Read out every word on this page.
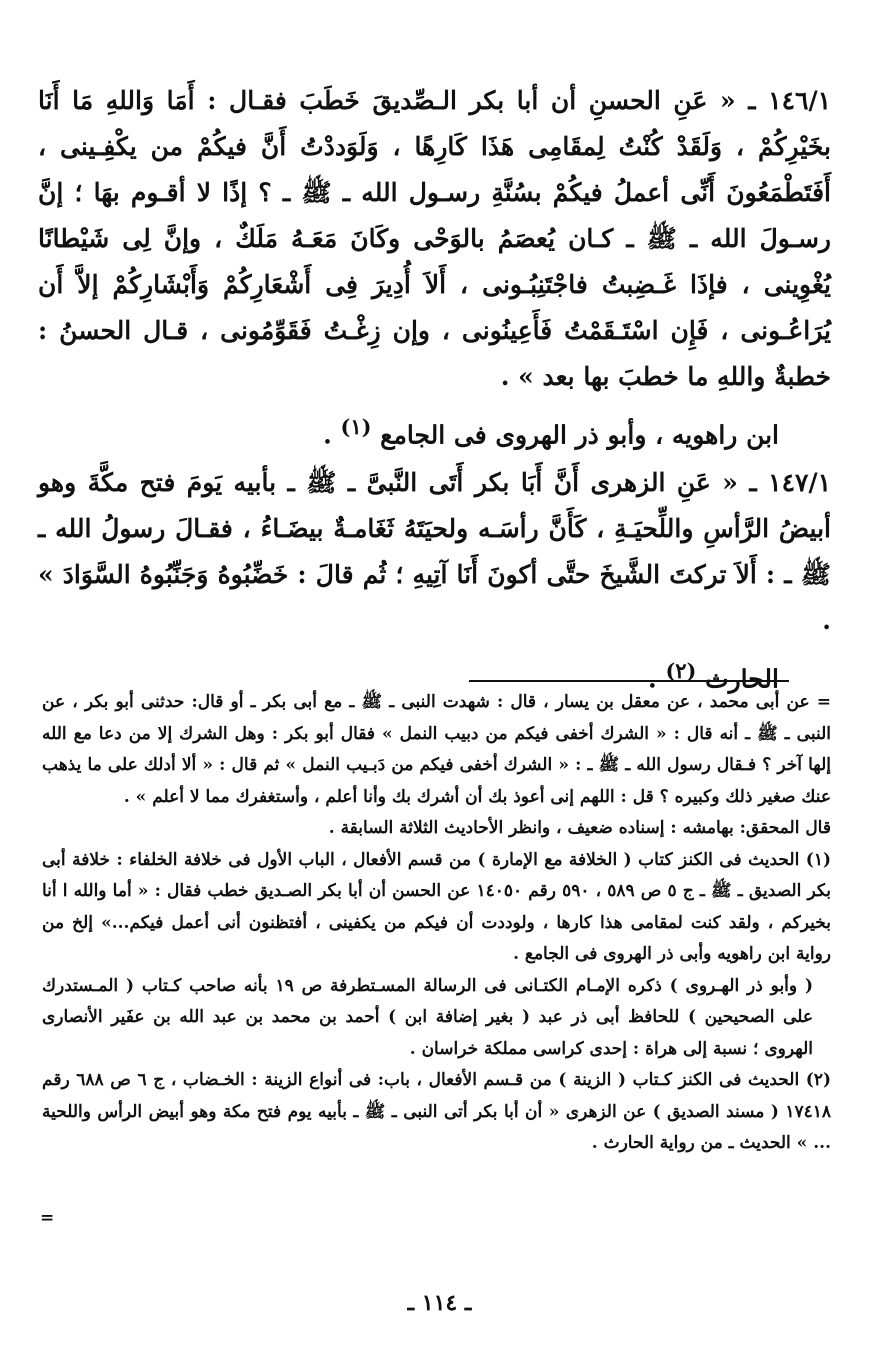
١٤٦/١ ـ « عَنِ الحسنِ أن أبا بكر الـصِّديقَ خَطَبَ فقـال : أَمَا وَاللهِ مَا أَنَا بخَيْرِكُمْ ، وَلَقَدْ كُنْتُ لِمقَامِى هَذَا كَارِهًا ، وَلَوَددْتُ أَنَّ فيكُمْ من يكْفِـينى ، أَفَتَطْمَعُونَ أَنِّى أعملُ فيكُمْ بسُنَّةِ رسـول الله ـ ﷺ ـ ؟ إذًا لا أقـوم بهَا ؛ إنَّ رسـولَ الله ـ ﷺ ـ كـان يُعصَمُ بالوَحْى وكَانَ مَعَـهُ مَلَكٌ ، وإنَّ لِى شَيْطانًا يُغْوِينى ، فإذَا غَـضِبتُ فاجْتَنِبُـونى ، أَلاَ أُدِيرَ فِى أَشْعَارِكُمْ وَأَبْشَارِكُمْ إلاَّ أَن يُرَاعُـونى ، فَإِن اسْتَـقَمْتُ فَأَعِينُونى ، وإن زِغْـتُ فَقَوِّمُونى ، قـال الحسنُ : خطبةٌ واللهِ ما خطبَ بها بعد » .

ابن راهويه ، وأبو ذر الهروى فى الجامع $^{(١)}$ .

١٤٧/١ ـ « عَنِ الزهرى أَنَّ أَبَا بكر أَتَى النَّبىَّ ـ ﷺ ـ بأبيه يَومَ فتح مكَّةَ وهو أبيضُ الرَّأسِ واللِّحيَـةِ ، كَأَنَّ رأسَـه ولحيَتَهُ ثَغَامـةٌ بيضَـاءُ ، فقـالَ رسولُ الله ـ ﷺ ـ : أَلاَ تركتَ الشَّيخَ حتَّى أكونَ أَنَا آتِيهِ ؛ ثُم قالَ : خَضِّبُوهُ وَجَنِّبُوهُ السَّوَادَ » .

الحارث $^{(٢)}$ .

= عن أبى محمد ، عن معقل بن يسار ، قال : شهدت النبى ـ ﷺ ـ مع أبى بكر ـ أو قال: حدثنى أبو بكر ، عن النبى ـ ﷺ ـ أنه قال : « الشرك أخفى فيكم من دبيب النمل » فقال أبو بكر : وهل الشرك إلا من دعا مع الله إلها آخر ؟ فـقال رسول الله ـ ﷺ ـ : « الشرك أخفى فيكم من دَبـيب النمل » ثم قال : « ألا أدلك على ما يذهب عنك صغير ذلك وكبيره ؟ قل : اللهم إنى أعوذ بك أن أشرك بك وأنا أعلم ، وأستغفرك مما لا أعلم » .

قال المحقق: بهامشه : إسناده ضعيف ، وانظر الأحاديث الثلاثة السابقة .

(١) الحديث فى الكنز كتاب ( الخلافة مع الإمارة ) من قسم الأفعال ، الباب الأول فى خلافة الخلفاء : خلافة أبى بكر الصديق ـ ﷺ ـ ج ٥ ص ٥٨٩ ، ٥٩٠ رقم ١٤٠٥٠ عن الحسن أن أبا بكر الصـديق خطب فقال : « أما والله ا أنا بخيركم ، ولقد كنت لمقامى هذا كارها ، ولوددت أن فيكم من يكفينى ، أفتظنون أنى أعمل فيكم...» إلخ من رواية ابن راهويه وأبى ذر الهروى فى الجامع .

( وأبو ذر الهـروى ) ذكره الإمـام الكتـانى فى الرسالة المسـتطرفة ص ١٩ بأنه صاحب كـتاب ( المـستدرك على الصحيحين ) للحافظ أبى ذر عبد ( بغير إضافة ابن ) أحمد بن محمد بن عبد الله بن عفَير الأنصارى الهروى ؛ نسبة إلى هراة : إحدى كراسى مملكة خراسان .

(٢) الحديث فى الكنز كـتاب ( الزينة ) من قـسم الأفعال ، باب: فى أنواع الزينة : الخـضاب ، ج ٦ ص ٦٨٨ رقم ١٧٤١٨ ( مسند الصديق ) عن الزهرى « أن أبا بكر أتى النبى ـ ﷺ ـ بأبيه يوم فتح مكة وهو أبيض الرأس واللحية ... » الحديث ـ من رواية الحارث .

=
ـ ١١٤ ـ
